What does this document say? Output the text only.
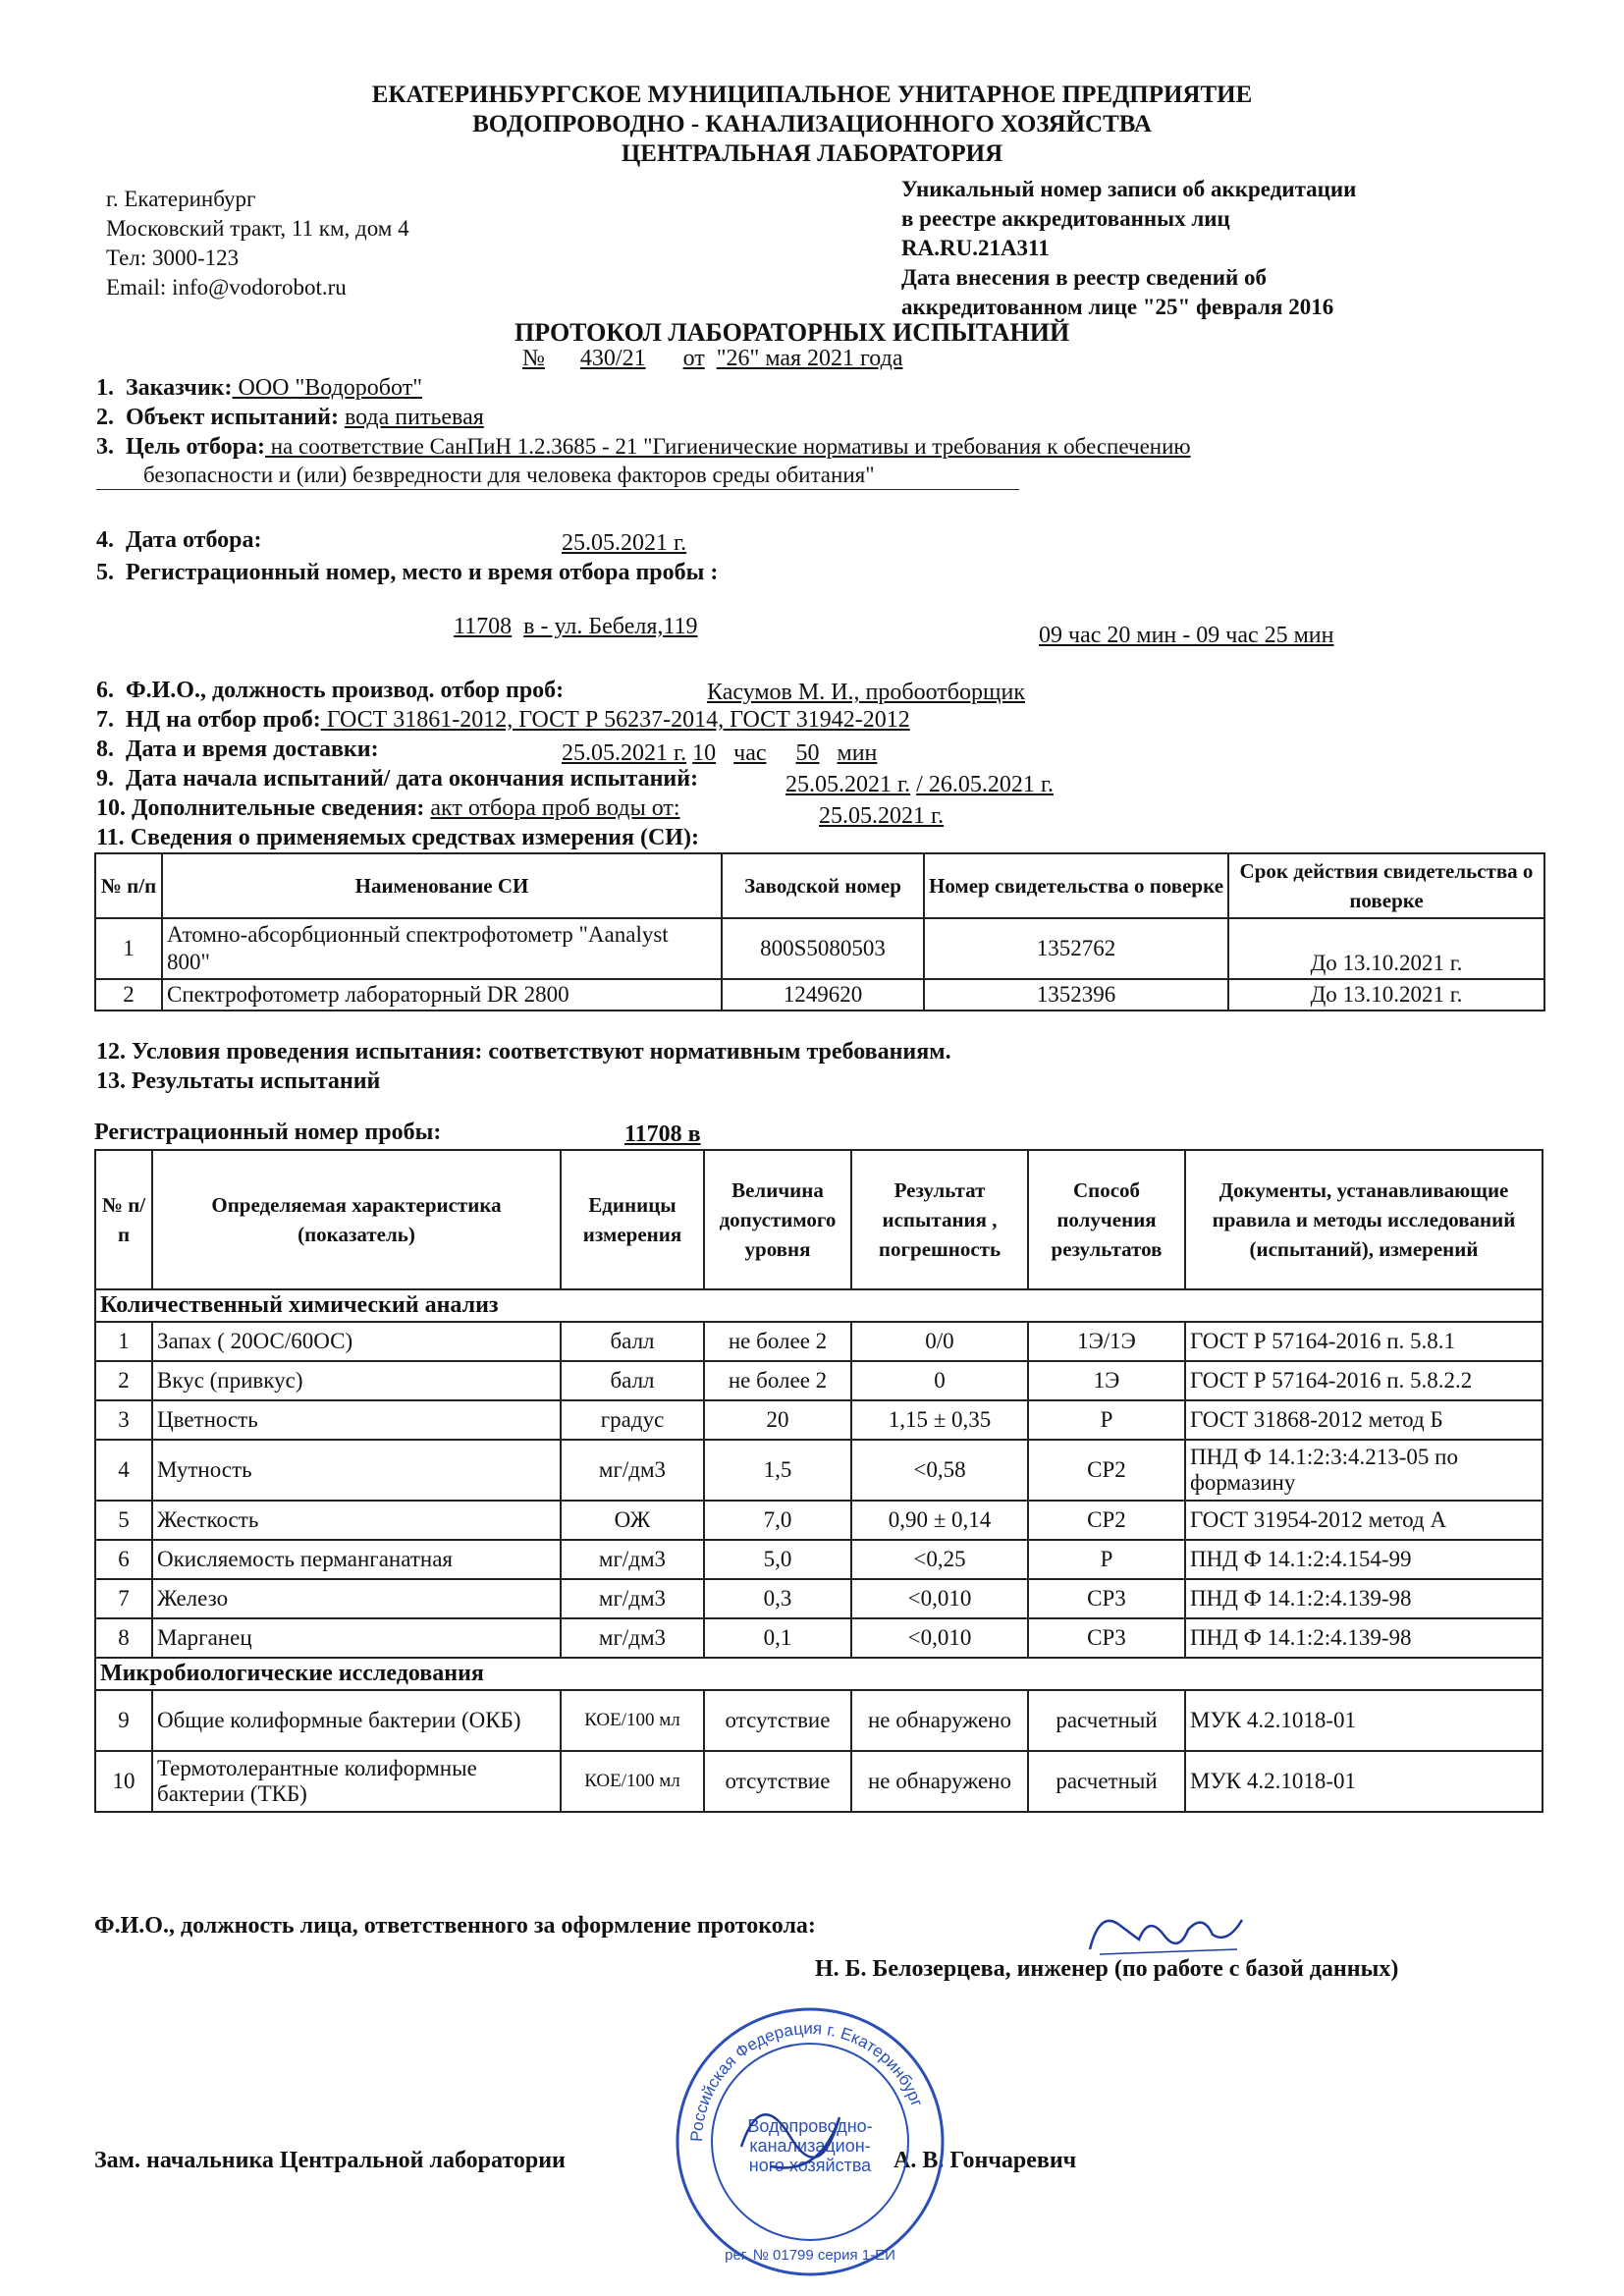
ЕКАТЕРИНБУРГСКОЕ МУНИЦИПАЛЬНОЕ УНИТАРНОЕ ПРЕДПРИЯТИЕ
ВОДОПРОВОДНО - КАНАЛИЗАЦИОННОГО ХОЗЯЙСТВА
ЦЕНТРАЛЬНАЯ ЛАБОРАТОРИЯ
г. Екатеринбург
Московский тракт, 11 км, дом 4
Тел: 3000-123
Email: info@vodorobot.ru
Уникальный номер записи об аккредитации
в реестре аккредитованных лиц
RA.RU.21A311
Дата внесения в реестр сведений об
аккредитованном лице "25" февраля 2016
ПРОТОКОЛ ЛАБОРАТОРНЫХ ИСПЫТАНИЙ
№ 430/21 от "26" мая 2021 года
1. Заказчик: ООО "Водоробот"
2. Объект испытаний: вода питьевая
3. Цель отбора: на соответствие СанПиН 1.2.3685 - 21 "Гигиенические нормативы и требования к обеспечению
безопасности и (или) безвредности для человека факторов среды обитания"
4. Дата отбора:	25.05.2021 г.
5. Регистрационный номер, место и время отбора пробы :
11708 в - ул. Бебеля,119	09 час 20 мин - 09 час 25 мин
6. Ф.И.О., должность производ. отбор проб:	Касумов М. И., пробоотборщик
7. НД на отбор проб: ГОСТ 31861-2012, ГОСТ Р 56237-2014, ГОСТ 31942-2012
8. Дата и время доставки:	25.05.2021 г. 10 час 50 мин
9. Дата начала испытаний/ дата окончания испытаний:	25.05.2021 г. / 26.05.2021 г.
10. Дополнительные сведения: акт отбора проб воды от:	25.05.2021 г.
11. Сведения о применяемых средствах измерения (СИ):
№ п/п	Наименование СИ	Заводской номер	Номер свидетельства о поверке	Срок действия свидетельства о поверке
1	Атомно-абсорбционный спектрофотометр "Aanalyst 800"	800S5080503	1352762	До 13.10.2021 г.
2	Спектрофотометр лабораторный DR 2800	1249620	1352396	До 13.10.2021 г.
12. Условия проведения испытания: соответствуют нормативным требованиям.
13. Результаты испытаний
Регистрационный номер пробы:	11708 в
№ п/п	Определяемая характеристика (показатель)	Единицы измерения	Величина допустимого уровня	Результат испытания , погрешность	Способ получения результатов	Документы, устанавливающие правила и методы исследований (испытаний), измерений
Количественный химический анализ						
1	Запах ( 20ОС/60ОС)	балл	не более 2	0/0	1Э/1Э	ГОСТ Р 57164-2016 п. 5.8.1
2	Вкус (привкус)	балл	не более 2	0	1Э	ГОСТ Р 57164-2016 п. 5.8.2.2
3	Цветность	градус	20	1,15 ± 0,35	Р	ГОСТ 31868-2012 метод Б
4	Мутность	мг/дм3	1,5	<0,58	СР2	ПНД Ф 14.1:2:3:4.213-05 по формазину
5	Жесткость	ОЖ	7,0	0,90 ± 0,14	СР2	ГОСТ 31954-2012 метод А
6	Окисляемость перманганатная	мг/дм3	5,0	<0,25	Р	ПНД Ф 14.1:2:4.154-99
7	Железо	мг/дм3	0,3	<0,010	СР3	ПНД Ф 14.1:2:4.139-98
8	Марганец	мг/дм3	0,1	<0,010	СР3	ПНД Ф 14.1:2:4.139-98
Микробиологические исследования						
9	Общие колиформные бактерии (ОКБ)	КОЕ/100 мл	отсутствие	не обнаружено	расчетный	МУК 4.2.1018-01
10	Термотолерантные колиформные бактерии (ТКБ)	КОЕ/100 мл	отсутствие	не обнаружено	расчетный	МУК 4.2.1018-01
Ф.И.О., должность лица, ответственного за оформление протокола:
Н. Б. Белозерцева, инженер (по работе с базой данных)
Зам. начальника Центральной лаборатории	А. В. Гончаревич
Российская Федерация г. Екатеринбург
Водопроводно-
канализацион-
ного хозяйства
рег. № 01799 серия 1-ЕИ
